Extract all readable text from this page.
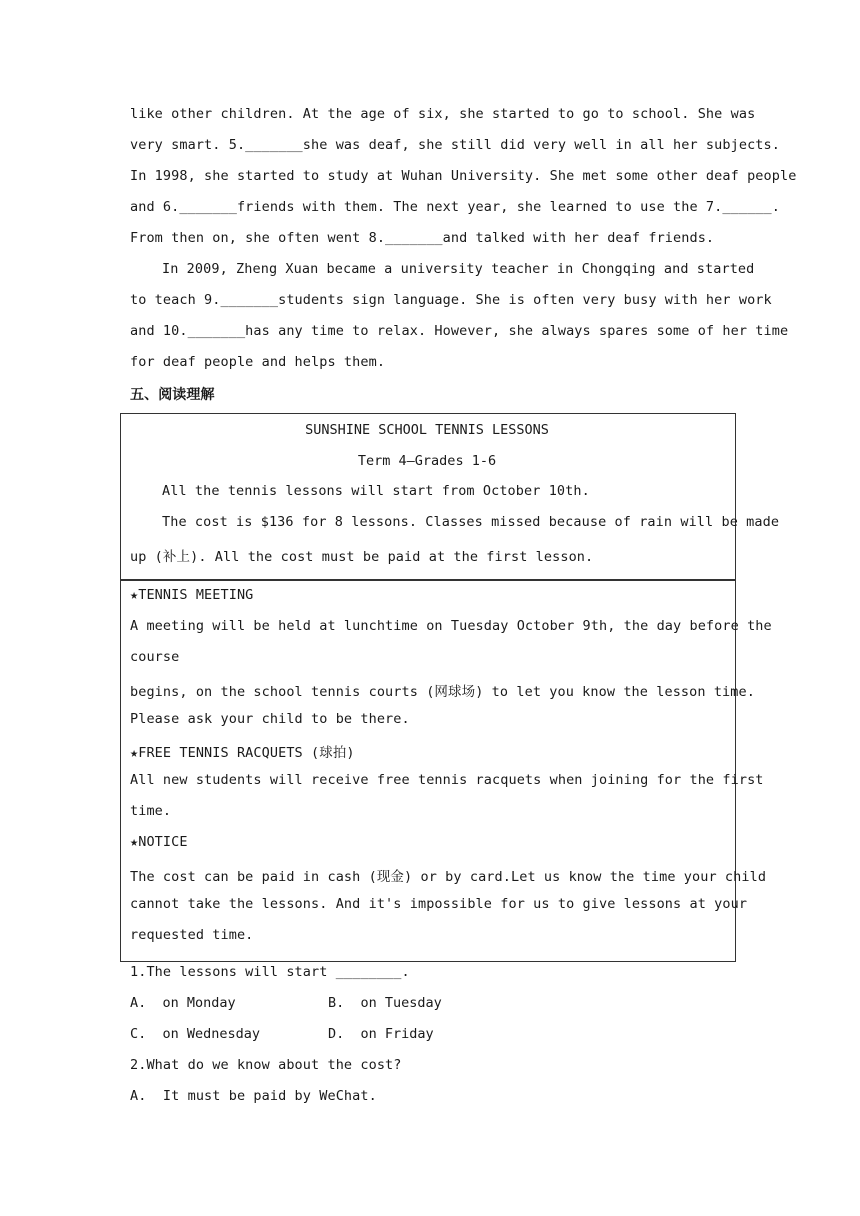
like other children. At the age of six, she started to go to school. She was
very smart. 5._______she was deaf, she still did very well in all her subjects.
In 1998, she started to study at Wuhan University. She met some other deaf people
and 6._______friends with them. The next year, she learned to use the 7.______.
From then on, she often went 8._______and talked with her deaf friends.
In 2009, Zheng Xuan became a university teacher in Chongqing and started
to teach 9._______students sign language. She is often very busy with her work
and 10._______has any time to relax. However, she always spares some of her time
for deaf people and helps them.
五、阅读理解
SUNSHINE SCHOOL TENNIS LESSONS
Term 4—Grades 1-6
All the tennis lessons will start from October 10th.
The cost is $136 for 8 lessons. Classes missed because of rain will be made
up (补上). All the cost must be paid at the first lesson.
★TENNIS MEETING
A meeting will be held at lunchtime on Tuesday October 9th, the day before the
course
begins, on the school tennis courts (网球场) to let you know the lesson time.
Please ask your child to be there.
★FREE TENNIS RACQUETS (球拍)
All new students will receive free tennis racquets when joining for the first
time.
★NOTICE
The cost can be paid in cash (现金) or by card.Let us know the time your child
cannot take the lessons. And it's impossible for us to give lessons at your
requested time.
1.The lessons will start ________.
A.  on Monday	B.  on Tuesday
C.  on Wednesday	D.  on Friday
2.What do we know about the cost?
A.  It must be paid by WeChat.
